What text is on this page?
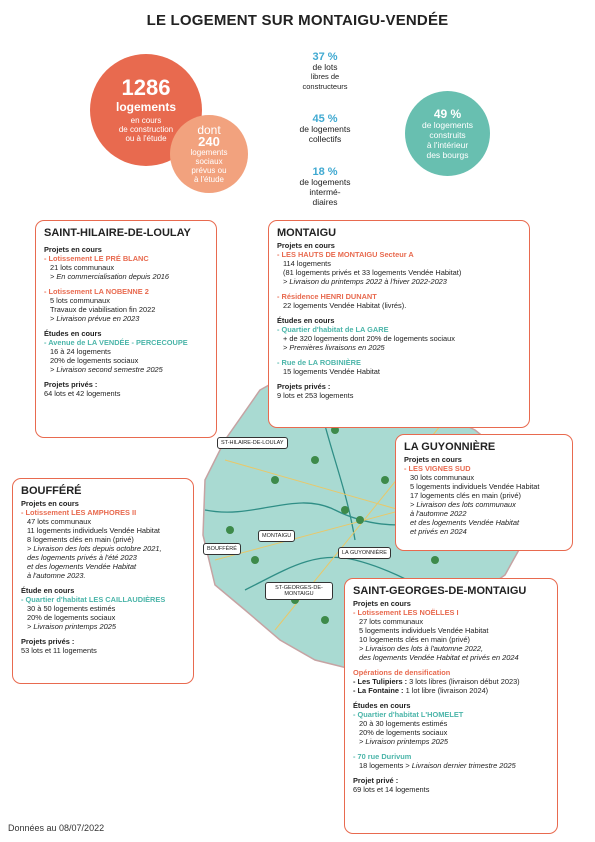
LE LOGEMENT SUR MONTAIGU-VENDÉE
1286
logements
en cours
de construction
ou à l'étude
dont
240
logements
sociaux
prévus ou
à l'étude
49 %
de logements
construits
à l'intérieur
des bourgs
37 %
de lots
libres de
constructeurs
45 %
de logements
collectifs
18 %
de logements
intermé-
diaires
ST-HILAIRE-DE-LOULAY
MONTAIGU
BOUFFÉRÉ
LA GUYONNIÈRE
ST-GEORGES-DE-MONTAIGU
SAINT-HILAIRE-DE-LOULAY
Projets en cours
- Lotissement LE PRÉ BLANC
21 lots communaux
> En commercialisation depuis 2016
- Lotissement LA NOBENNE 2
5 lots communaux
Travaux de viabilisation fin 2022
> Livraison prévue en 2023
Études en cours
- Avenue de LA VENDÉE - PERCECOUPE
16 à 24 logements
20% de logements sociaux
> Livraison second semestre 2025
Projets privés :
64 lots et 42 logements
MONTAIGU
Projets en cours
- LES HAUTS DE MONTAIGU Secteur A
114 logements
(81 logements privés et 33 logements Vendée Habitat)
> Livraison du printemps 2022 à l'hiver 2022-2023
- Résidence HENRI DUNANT
22 logements Vendée Habitat (livrés).
Études en cours
- Quartier d'habitat de LA GARE
+ de 320 logements dont 20% de logements sociaux
> Premières livraisons en 2025
- Rue de LA ROBINIÈRE
15 logements Vendée Habitat
Projets privés :
9 lots et 253 logements
LA GUYONNIÈRE
Projets en cours
- LES VIGNES SUD
30 lots communaux
5 logements individuels Vendée Habitat
17 logements clés en main (privé)
> Livraison des lots communaux
à l'automne 2022
et des logements Vendée Habitat
et privés en 2024
BOUFFÉRÉ
Projets en cours
- Lotissement LES AMPHORES II
47 lots communaux
11 logements individuels Vendée Habitat
8 logements clés en main (privé)
> Livraison des lots depuis octobre 2021,
des logements privés à l'été 2023
et des logements Vendée Habitat
à l'automne 2023.
Étude en cours
- Quartier d'habitat LES CAILLAUDIÈRES
30 à 50 logements estimés
20% de logements sociaux
> Livraison printemps 2025
Projets privés :
53 lots et 11 logements
SAINT-GEORGES-DE-MONTAIGU
Projets en cours
- Lotissement LES NOËLLES I
27 lots communaux
5 logements individuels Vendée Habitat
10 logements clés en main (privé)
> Livraison des lots à l'automne 2022,
des logements Vendée Habitat et privés en 2024
Opérations de densification
- Les Tulipiers : 3 lots libres (livraison début 2023)
- La Fontaine : 1 lot libre (livraison 2024)
Études en cours
- Quartier d'habitat L'HOMELET
20 à 30 logements estimés
20% de logements sociaux
> Livraison printemps 2025
- 70 rue Durivum
18 logements > Livraison dernier trimestre 2025
Projet privé :
69 lots et 14 logements
Données au 08/07/2022
